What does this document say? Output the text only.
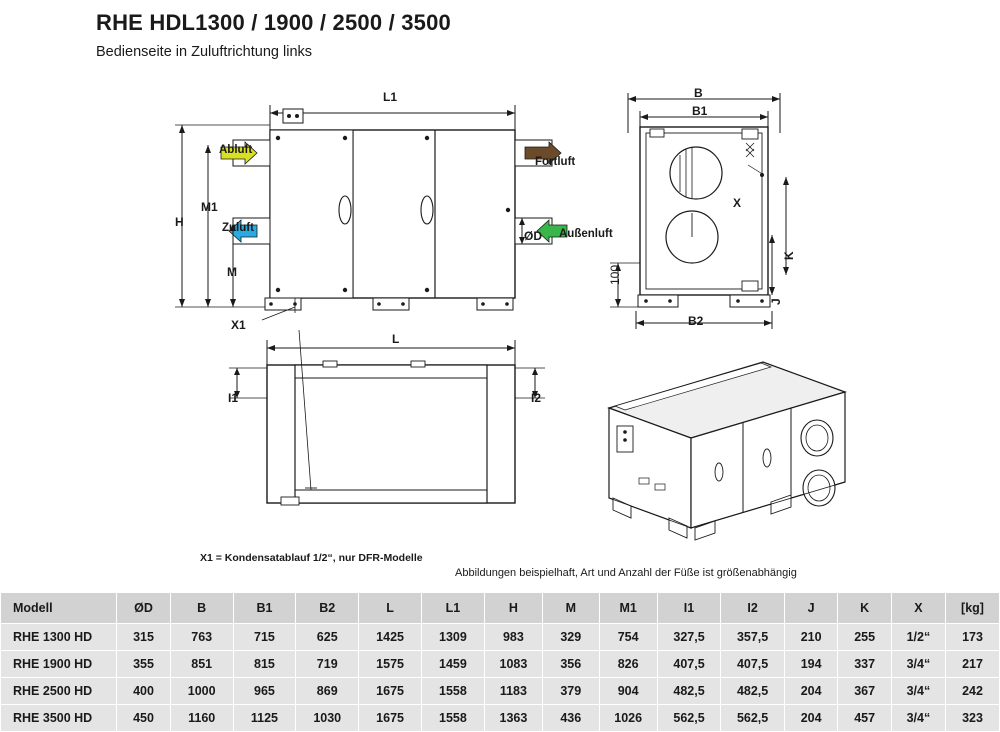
RHE HDL1300 / 1900 / 2500 / 3500
Bedienseite in Zuluftrichtung links
L1
H
M1
M
ØD
X1
Abluft
Zuluft
Fortluft
Außenluft
L
I1	I2
B
B1
B2
K
J
X
100
X1 = Kondensatablauf 1/2“, nur DFR-Modelle
Abbildungen beispielhaft, Art und Anzahl der Füße ist größenabhängig
Modell	ØD	B	B1	B2	L	L1	H	M	M1	I1	I2	J	K	X	[kg]
RHE 1300 HD	315	763	715	625	1425	1309	983	329	754	327,5	357,5	210	255	1/2“	173
RHE 1900 HD	355	851	815	719	1575	1459	1083	356	826	407,5	407,5	194	337	3/4“	217
RHE 2500 HD	400	1000	965	869	1675	1558	1183	379	904	482,5	482,5	204	367	3/4“	242
RHE 3500 HD	450	1160	1125	1030	1675	1558	1363	436	1026	562,5	562,5	204	457	3/4“	323
